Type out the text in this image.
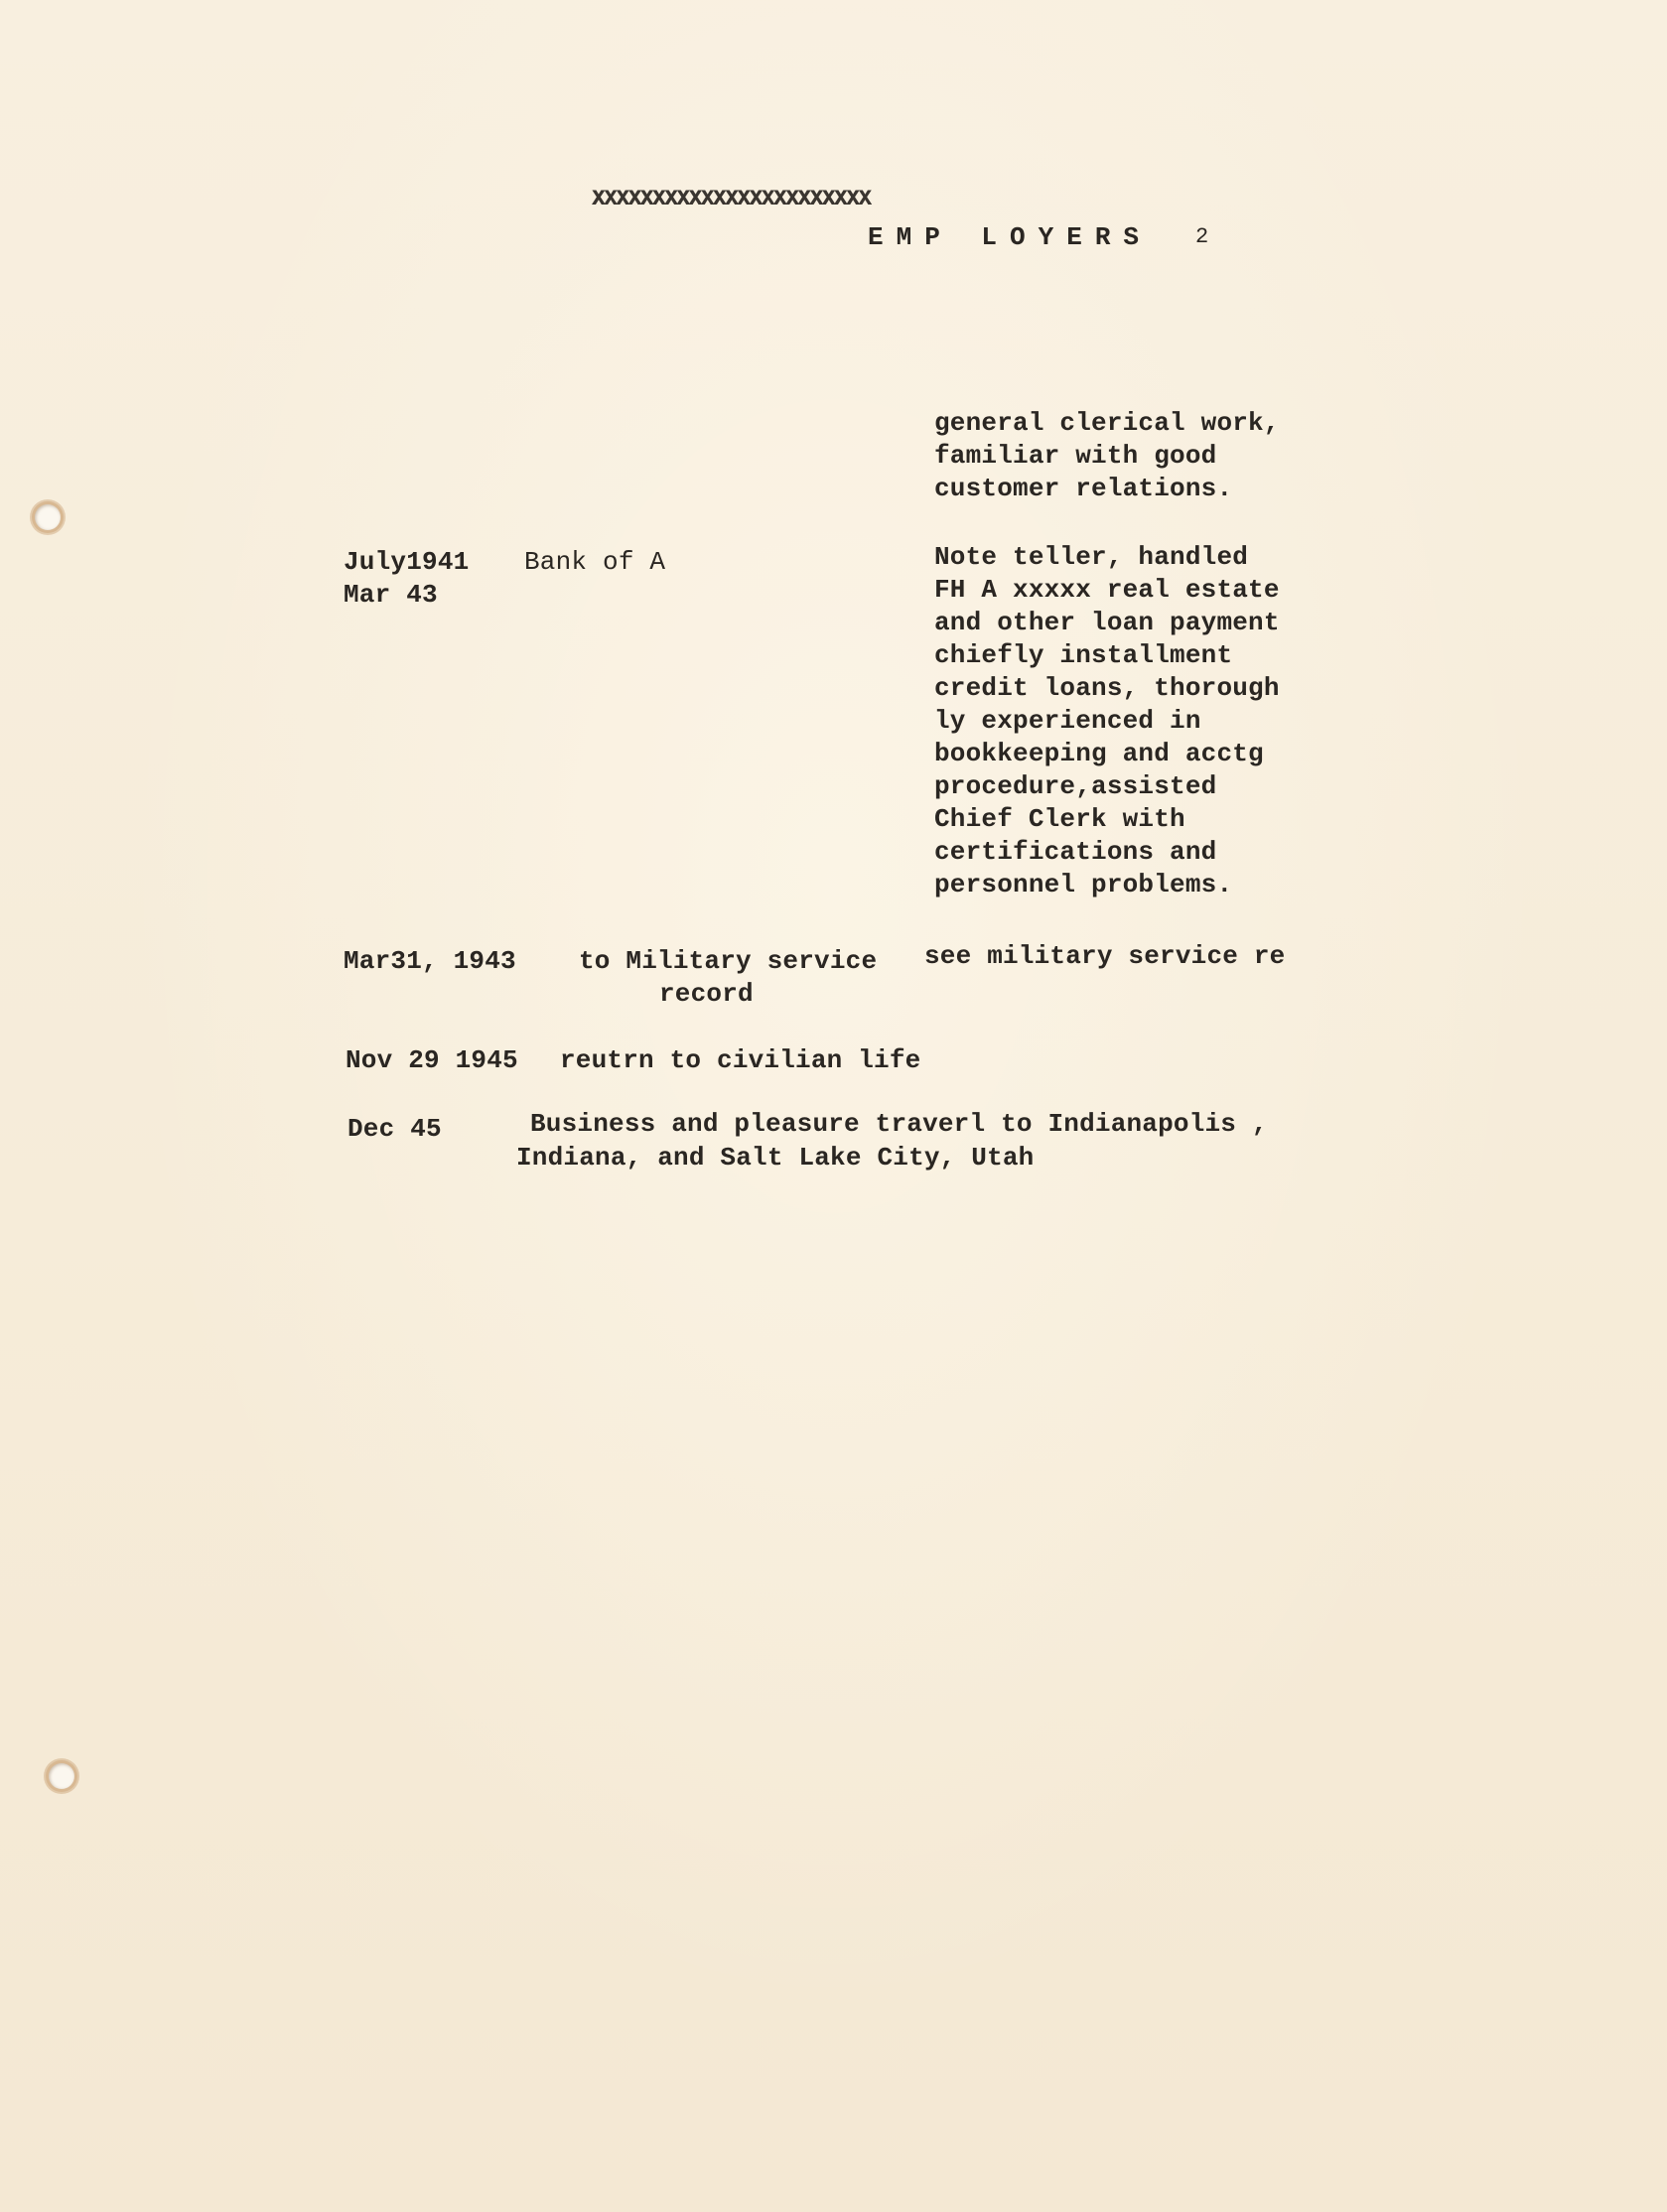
XXXXXXXXXXXXXXXXXXXXXXX
EMP LOYERS 2
general clerical work,
familiar with good
customer relations.
July1941
Mar 43
Bank of A	Note teller, handled
FH A xxxxx real estate
and other loan payment
chiefly installment
credit loans, thorough
ly experienced in
bookkeeping and acctg
procedure,assisted
Chief Clerk with
certifications and
personnel problems.
Mar31, 1943 to Military service
record
see military service re
Nov 29 1945 reutrn to civilian life
Dec 45	Business and pleasure traverl to Indianapolis ,
Indiana, and Salt Lake City, Utah
